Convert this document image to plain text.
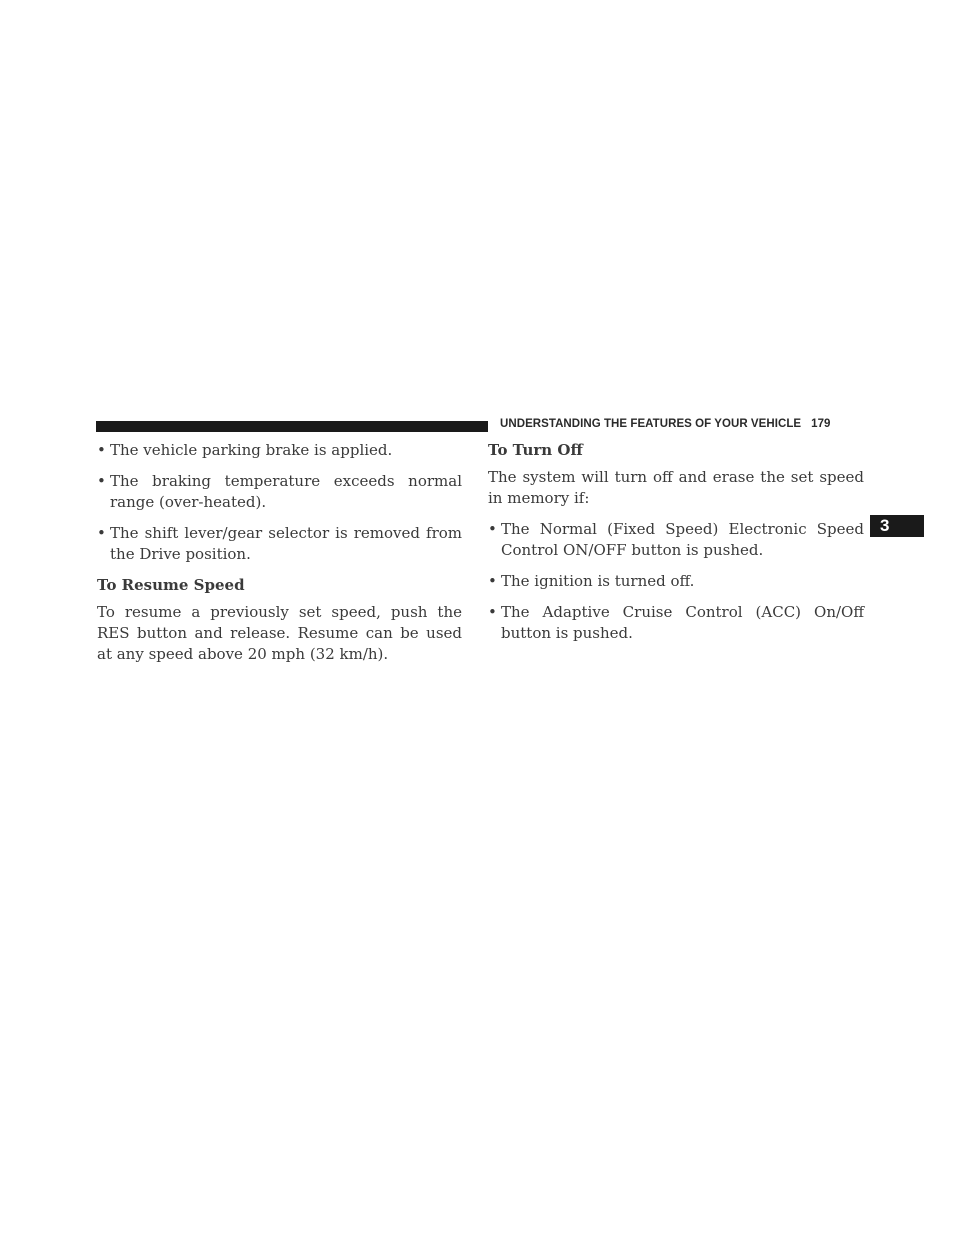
UNDERSTANDING THE FEATURES OF YOUR VEHICLE 179
3
• The vehicle parking brake is applied.
• The braking temperature exceeds normal range (over-heated).
• The shift lever/gear selector is removed from the Drive position.
To Resume Speed

To resume a previously set speed, push the RES button and release. Resume can be used at any speed above 20 mph (32 km/h).

To Turn Off

The system will turn off and erase the set speed in memory if:

• The Normal (Fixed Speed) Electronic Speed Control ON/OFF button is pushed.
• The ignition is turned off.
• The Adaptive Cruise Control (ACC) On/Off button is pushed.
